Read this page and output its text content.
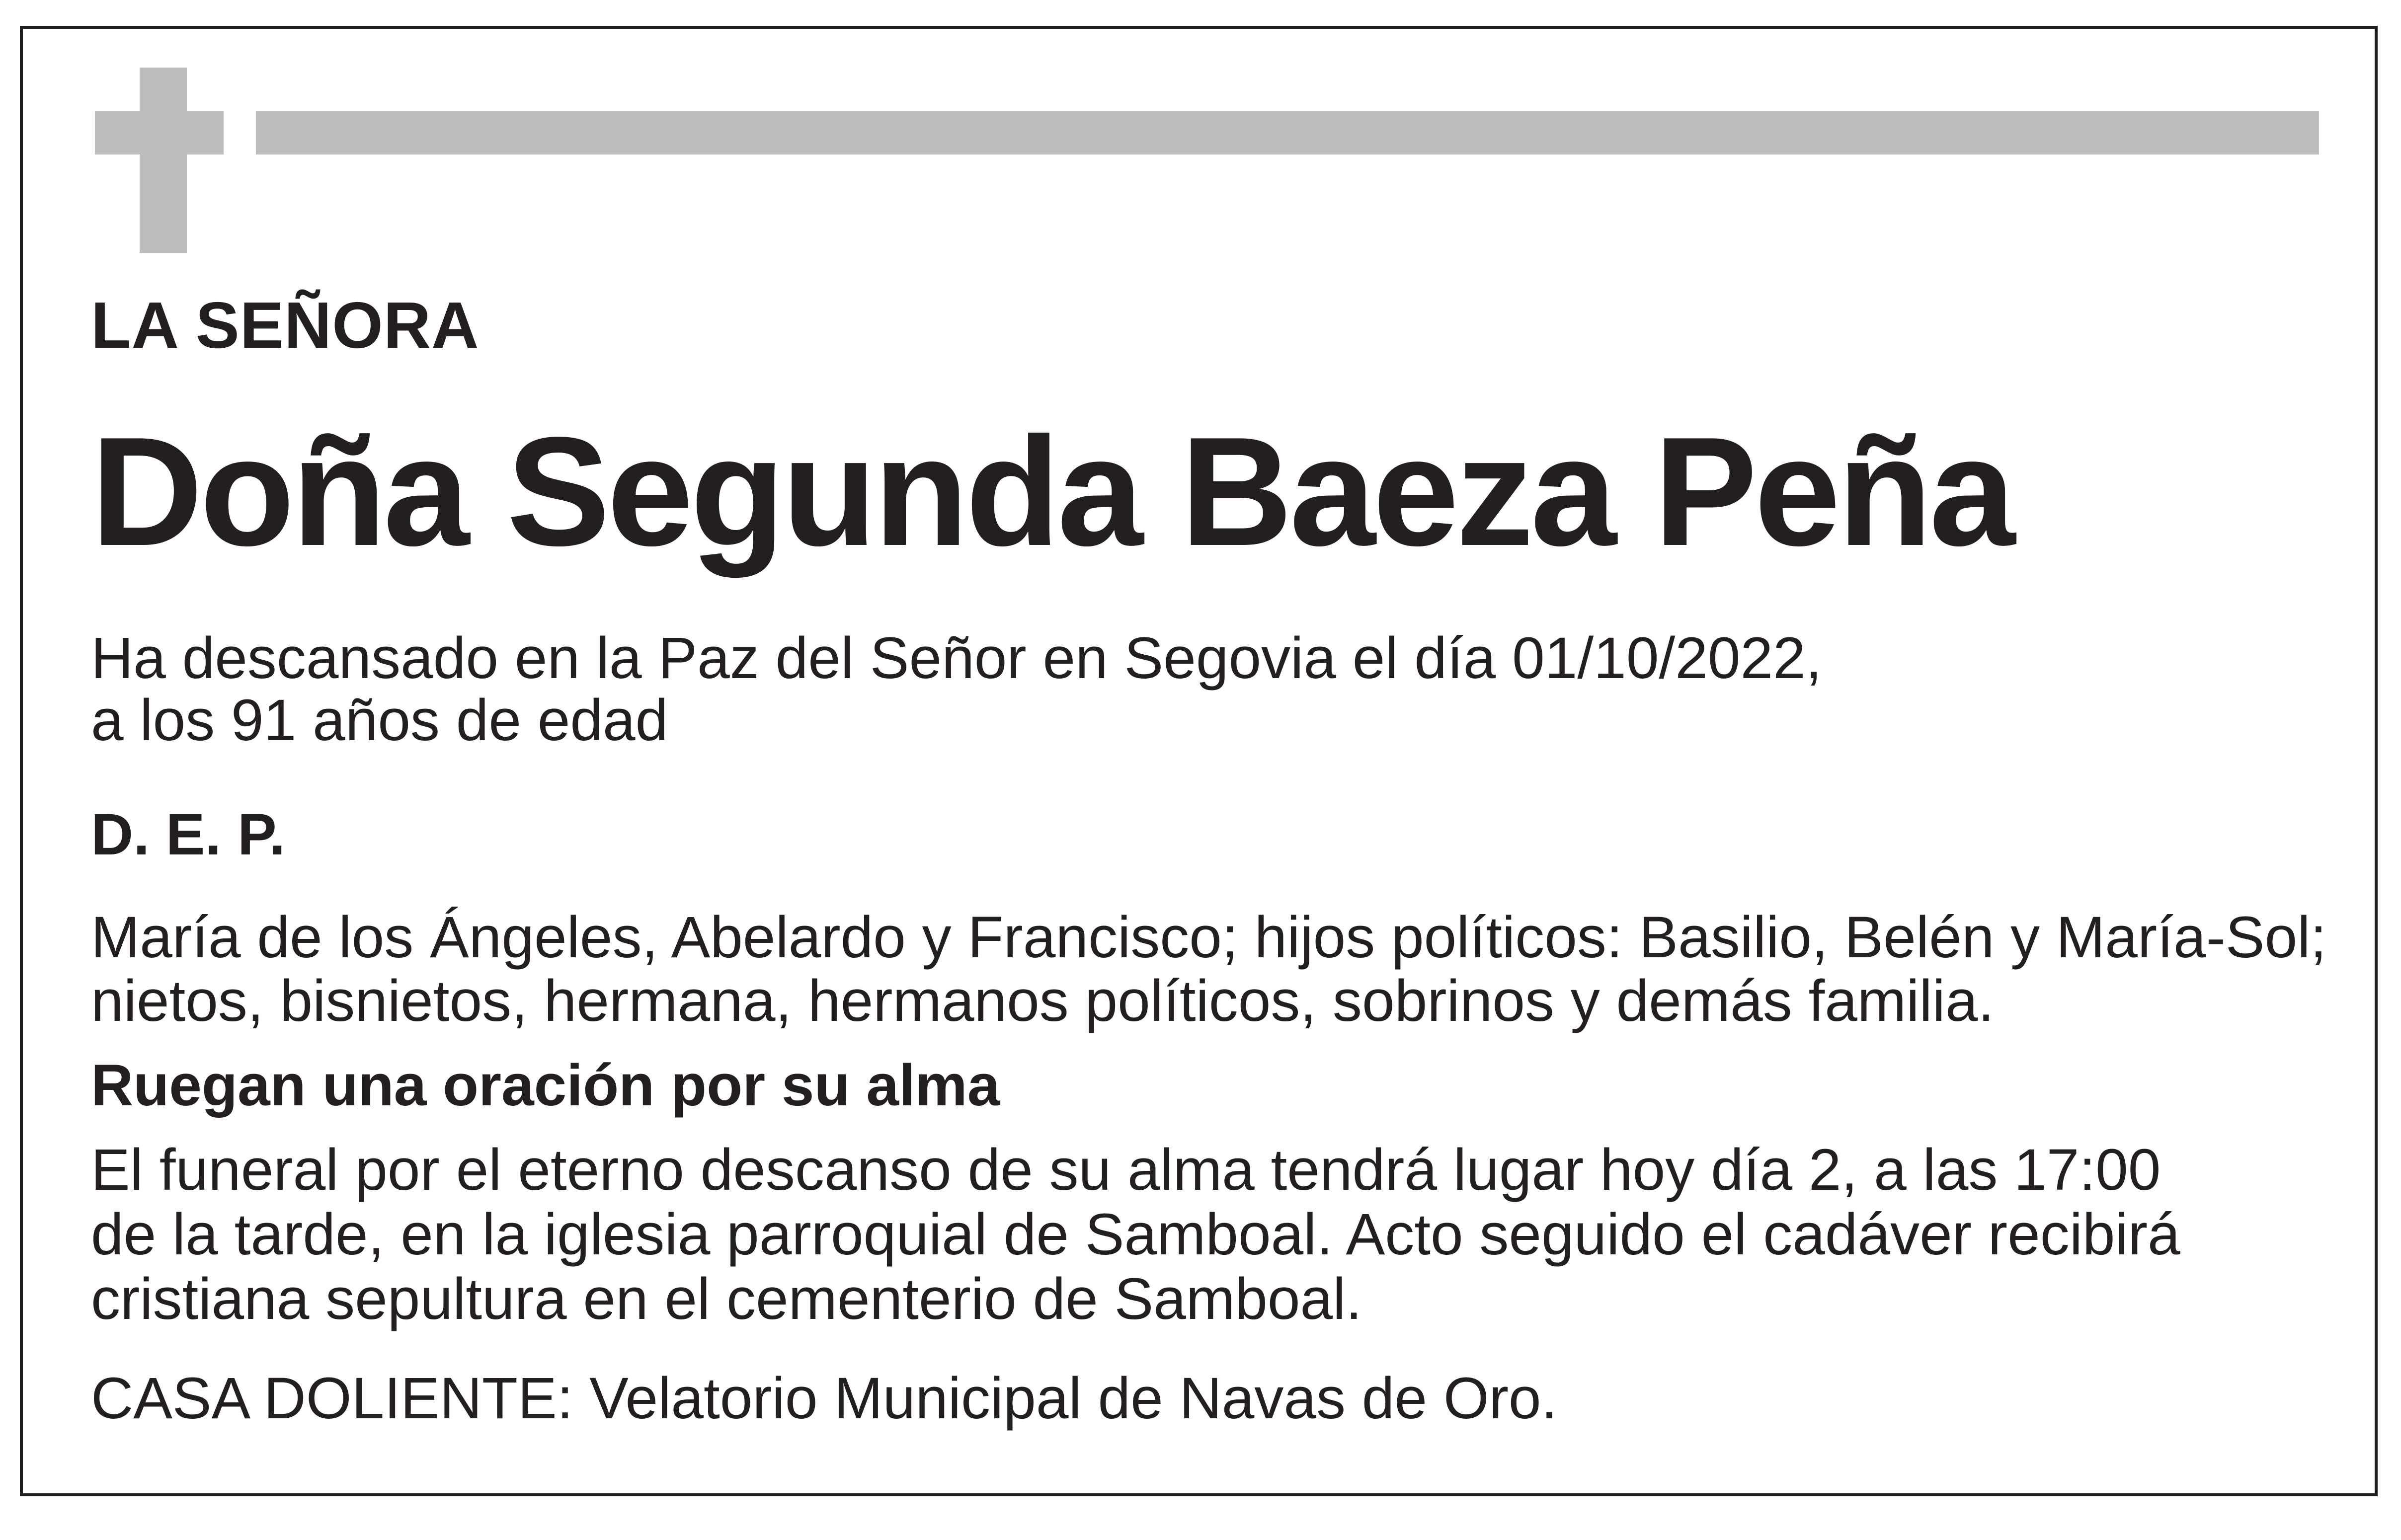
LA SEÑORA

Doña Segunda Baeza Peña

Ha descansado en la Paz del Señor en Segovia el día 01/10/2022,

a los 91 años de edad

D. E. P.

María de los Ángeles, Abelardo y Francisco; hijos políticos: Basilio, Belén y María-Sol;

nietos, bisnietos, hermana, hermanos políticos, sobrinos y demás familia.

Ruegan una oración por su alma

El funeral por el eterno descanso de su alma tendrá lugar hoy día 2, a las 17:00

de la tarde, en la iglesia parroquial de Samboal. Acto seguido el cadáver recibirá

cristiana sepultura en el cementerio de Samboal.

CASA DOLIENTE: Velatorio Municipal de Navas de Oro.
